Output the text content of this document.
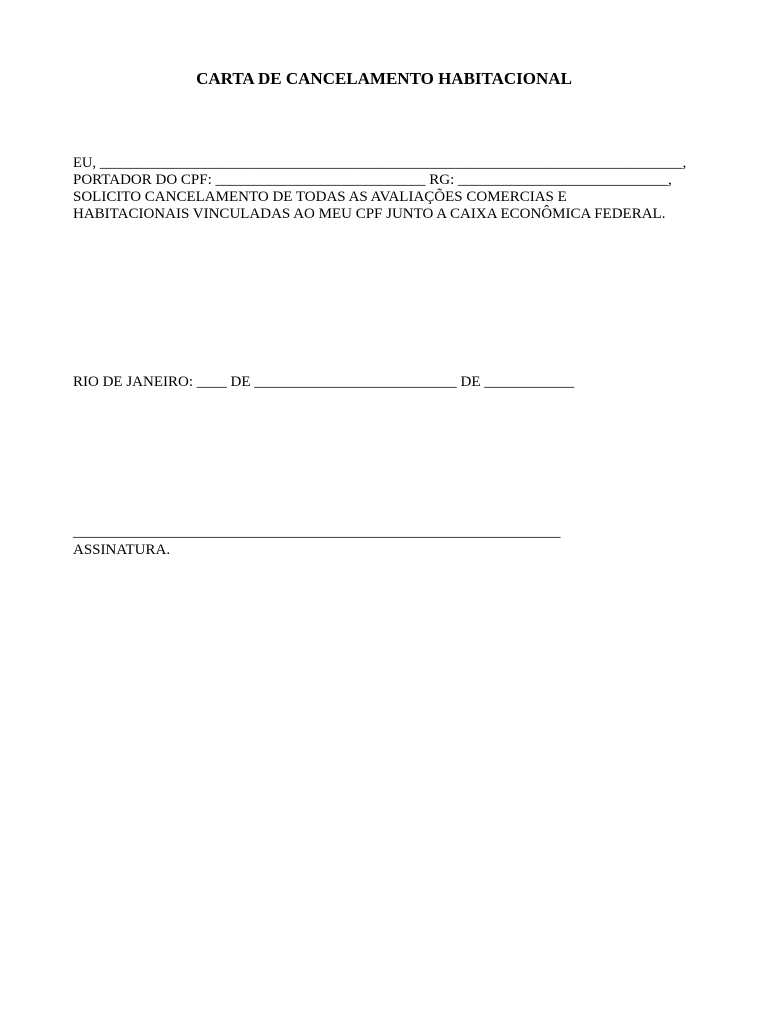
CARTA DE CANCELAMENTO HABITACIONAL
EU, ________________________________________________________________________________,
PORTADOR DO CPF: ____________________________ RG: ____________________________,
SOLICITO CANCELAMENTO DE TODAS AS AVALIAÇÕES COMERCIAS E
HABITACIONAIS VINCULADAS AO MEU CPF JUNTO A CAIXA ECONÔMICA FEDERAL.
RIO DE JANEIRO: ____ DE ___________________________ DE ____________
_________________________________________________________________
ASSINATURA.
